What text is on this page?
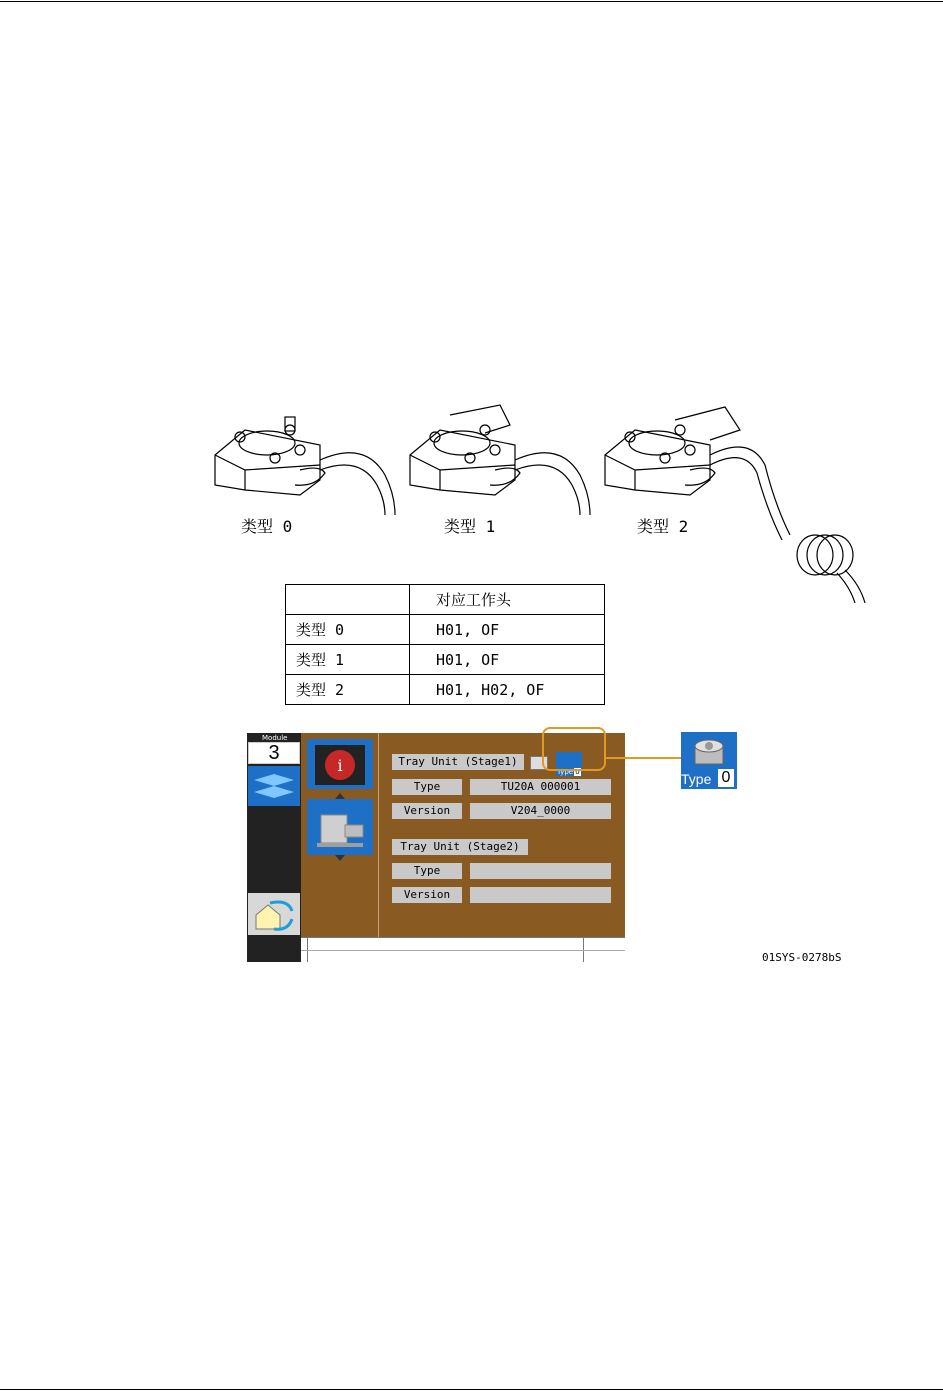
类型 0	类型 1	类型 2
	对应工作头
类型 0	H01, OF
类型 1	H01, OF
类型 2	H01, H02, OF
Module
3
i	Tray Unit (Stage1)
Type 0
Type	TU20A 000001
Version	V204_0000
Tray Unit (Stage2)
Type
Version
Type 0
01SYS-0278bS
